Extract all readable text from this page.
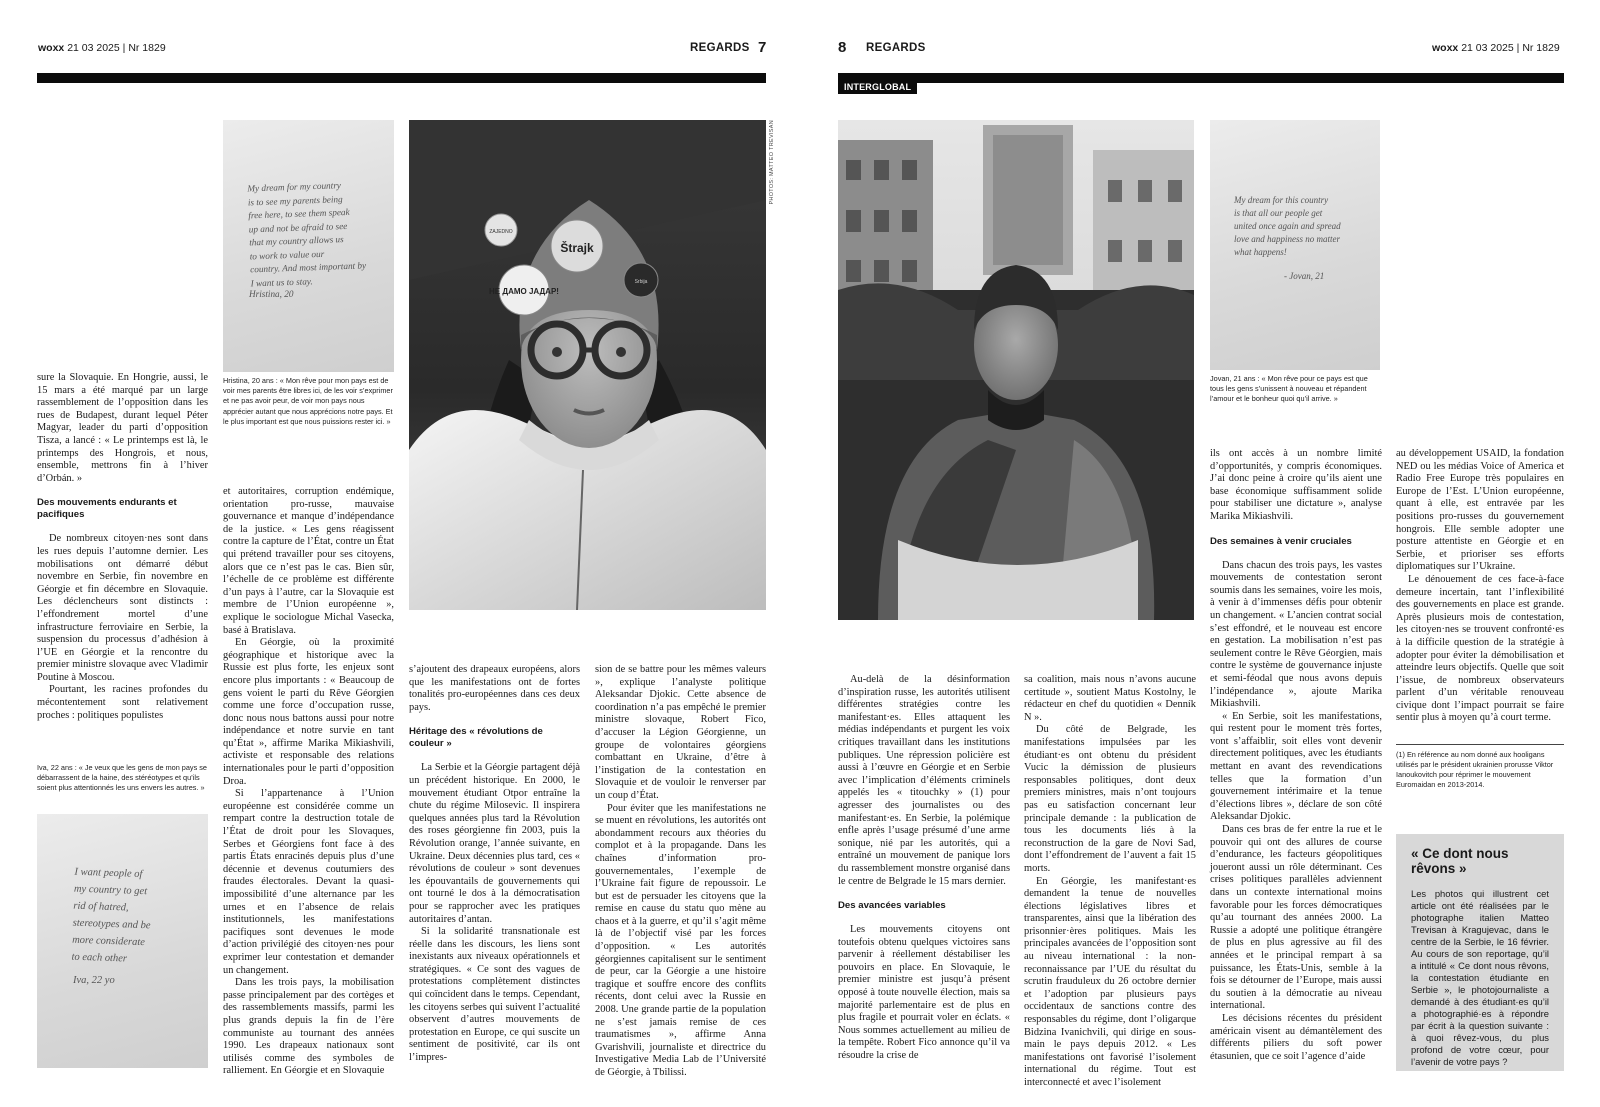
woxx 21 03 2025 | Nr 1829	REGARDS 7
My dream for my country
is to see my parents being
free here, to see them speak
up and not be afraid to see
that my country allows us
to work to value our
country. And most important by
I want us to stay.
Hristina, 20
Hristina, 20 ans : « Mon rêve pour mon pays est de voir mes parents être libres ici, de les voir s’exprimer et ne pas avoir peur, de voir mon pays nous apprécier autant que nous apprécions notre pays. Et le plus important est que nous puissions rester ici. »
Štrajk
НЕ ДАМО ЈАДАР!
ZAJEDNO
Srbija
PHOTOS: MATTEO TREVISAN

sure la Slovaquie. En Hongrie, aussi, le 15 mars a été marqué par un large rassemblement de l’opposition dans les rues de Budapest, durant lequel Péter Magyar, leader du parti d’opposition Tisza, a lancé : « Le printemps est là, le printemps des Hongrois, et nous, ensemble, mettrons fin à l’hiver d’Orbán. »

Des mouvements endurants et pacifiques

De nombreux citoyen·nes sont dans les rues depuis l’automne dernier. Les mobilisations ont démarré début novembre en Serbie, fin novembre en Géorgie et fin décembre en Slovaquie. Les déclencheurs sont distincts : l’effondrement mortel d’une infrastructure ferroviaire en Serbie, la suspension du processus d’adhésion à l’UE en Géorgie et la rencontre du premier ministre slovaque avec Vladimir Poutine à Moscou.

Pourtant, les racines profondes du mécontentement sont relativement proches : politiques populistes

Iva, 22 ans : « Je veux que les gens de mon pays se débarrassent de la haine, des stéréotypes et qu’ils soient plus attentionnés les uns envers les autres. »
I want people of
my country to get
rid of hatred,
stereotypes and be
more considerate
to each other
Iva, 22 yo

et autoritaires, corruption endémique, orientation pro-russe, mauvaise gouvernance et manque d’indépendance de la justice. « Les gens réagissent contre la capture de l’État, contre un État qui prétend travailler pour ses citoyens, alors que ce n’est pas le cas. Bien sûr, l’échelle de ce problème est différente d’un pays à l’autre, car la Slovaquie est membre de l’Union européenne », explique le sociologue Michal Vasecka, basé à Bratislava.

En Géorgie, où la proximité géographique et historique avec la Russie est plus forte, les enjeux sont encore plus importants : « Beaucoup de gens voient le parti du Rêve Géorgien comme une force d’occupation russe, donc nous nous battons aussi pour notre indépendance et notre survie en tant qu’État », affirme Marika Mikiashvili, activiste et responsable des relations internationales pour le parti d’opposition Droa.

Si l’appartenance à l’Union européenne est considérée comme un rempart contre la destruction totale de l’État de droit pour les Slovaques, Serbes et Géorgiens font face à des partis États enracinés depuis plus d’une décennie et devenus coutumiers des fraudes électorales. Devant la quasi-impossibilité d’une alternance par les urnes et en l’absence de relais institutionnels, les manifestations pacifiques sont devenues le mode d’action privilégié des citoyen·nes pour exprimer leur contestation et demander un changement.

Dans les trois pays, la mobilisation passe principalement par des cortèges et des rassemblements massifs, parmi les plus grands depuis la fin de l’ère communiste au tournant des années 1990. Les drapeaux nationaux sont utilisés comme des symboles de ralliement. En Géorgie et en Slovaquie

s’ajoutent des drapeaux européens, alors que les manifestations ont de fortes tonalités pro-européennes dans ces deux pays.

Héritage des « révolutions de couleur »

La Serbie et la Géorgie partagent déjà un précédent historique. En 2000, le mouvement étudiant Otpor entraîne la chute du régime Milosevic. Il inspirera quelques années plus tard la Révolution des roses géorgienne fin 2003, puis la Révolution orange, l’année suivante, en Ukraine. Deux décennies plus tard, ces « révolutions de couleur » sont devenues les épouvantails de gouvernements qui ont tourné le dos à la démocratisation pour se rapprocher avec les pratiques autoritaires d’antan.

Si la solidarité transnationale est réelle dans les discours, les liens sont inexistants aux niveaux opérationnels et stratégiques. « Ce sont des vagues de protestations complètement distinctes qui coïncident dans le temps. Cependant, les citoyens serbes qui suivent l’actualité observent d’autres mouvements de protestation en Europe, ce qui suscite un sentiment de positivité, car ils ont l’impres-

sion de se battre pour les mêmes valeurs », explique l’analyste politique Aleksandar Djokic. Cette absence de coordination n’a pas empêché le premier ministre slovaque, Robert Fico, d’accuser la Légion Géorgienne, un groupe de volontaires géorgiens combattant en Ukraine, d’être à l’instigation de la contestation en Slovaquie et de vouloir le renverser par un coup d’État.

Pour éviter que les manifestations ne se muent en révolutions, les autorités ont abondamment recours aux théories du complot et à la propagande. Dans les chaînes d’information pro-gouvernementales, l’exemple de l’Ukraine fait figure de repoussoir. Le but est de persuader les citoyens que la remise en cause du statu quo mène au chaos et à la guerre, et qu’il s’agit même là de l’objectif visé par les forces d’opposition. « Les autorités géorgiennes capitalisent sur le sentiment de peur, car la Géorgie a une histoire tragique et souffre encore des conflits récents, dont celui avec la Russie en 2008. Une grande partie de la population ne s’est jamais remise de ces traumatismes », affirme Anna Gvarishvili, journaliste et directrice du Investigative Media Lab de l’Université de Géorgie, à Tbilissi.

8 REGARDS	woxx 21 03 2025 | Nr 1829
INTERGLOBAL
My dream for this country
is that all our people get
united once again and spread
love and happiness no matter
what happens!
- Jovan, 21
Jovan, 21 ans : « Mon rêve pour ce pays est que tous les gens s’unissent à nouveau et répandent l’amour et le bonheur quoi qu’il arrive. »

Au-delà de la désinformation d’inspiration russe, les autorités utilisent différentes stratégies contre les manifestant·es. Elles attaquent les médias indépendants et purgent les voix critiques travaillant dans les institutions publiques. Une répression policière est aussi à l’œuvre en Géorgie et en Serbie avec l’implication d’éléments criminels appelés les « titouchky » (1) pour agresser des journalistes ou des manifestant·es. En Serbie, la polémique enfle après l’usage présumé d’une arme sonique, nié par les autorités, qui a entraîné un mouvement de panique lors du rassemblement monstre organisé dans le centre de Belgrade le 15 mars dernier.

Des avancées variables

Les mouvements citoyens ont toutefois obtenu quelques victoires sans parvenir à réellement déstabiliser les pouvoirs en place. En Slovaquie, le premier ministre est jusqu’à présent opposé à toute nouvelle élection, mais sa majorité parlementaire est de plus en plus fragile et pourrait voler en éclats. « Nous sommes actuellement au milieu de la tempête. Robert Fico annonce qu’il va résoudre la crise de

sa coalition, mais nous n’avons aucune certitude », soutient Matus Kostolny, le rédacteur en chef du quotidien « Denník N ».

Du côté de Belgrade, les manifestations impulsées par les étudiant·es ont obtenu du président Vucic la démission de plusieurs responsables politiques, dont deux premiers ministres, mais n’ont toujours pas eu satisfaction concernant leur principale demande : la publication de tous les documents liés à la reconstruction de la gare de Novi Sad, dont l’effondrement de l’auvent a fait 15 morts.

En Géorgie, les manifestant·es demandent la tenue de nouvelles élections législatives libres et transparentes, ainsi que la libération des prisonnier·ères politiques. Mais les principales avancées de l’opposition sont au niveau international : la non-reconnaissance par l’UE du résultat du scrutin frauduleux du 26 octobre dernier et l’adoption par plusieurs pays occidentaux de sanctions contre des responsables du régime, dont l’oligarque Bidzina Ivanichvili, qui dirige en sous-main le pays depuis 2012. « Les manifestations ont favorisé l’isolement international du régime. Tout est interconnecté et avec l’isolement

ils ont accès à un nombre limité d’opportunités, y compris économiques. J’ai donc peine à croire qu’ils aient une base économique suffisamment solide pour stabiliser une dictature », analyse Marika Mikiashvili.

Des semaines à venir cruciales

Dans chacun des trois pays, les vastes mouvements de contestation seront soumis dans les semaines, voire les mois, à venir à d’immenses défis pour obtenir un changement. « L’ancien contrat social s’est effondré, et le nouveau est encore en gestation. La mobilisation n’est pas seulement contre le Rêve Géorgien, mais contre le système de gouvernance injuste et semi-féodal que nous avons depuis l’indépendance », ajoute Marika Mikiashvili.

« En Serbie, soit les manifestations, qui restent pour le moment très fortes, vont s’affaiblir, soit elles vont devenir directement politiques, avec les étudiants mettant en avant des revendications telles que la formation d’un gouvernement intérimaire et la tenue d’élections libres », déclare de son côté Aleksandar Djokic.

Dans ces bras de fer entre la rue et le pouvoir qui ont des allures de course d’endurance, les facteurs géopolitiques joueront aussi un rôle déterminant. Ces crises politiques parallèles adviennent dans un contexte international moins favorable pour les forces démocratiques qu’au tournant des années 2000. La Russie a adopté une politique étrangère de plus en plus agressive au fil des années et le principal rempart à sa puissance, les États-Unis, semble à la fois se détourner de l’Europe, mais aussi du soutien à la démocratie au niveau international.

Les décisions récentes du président américain visent au démantèlement des différents piliers du soft power étasunien, que ce soit l’agence d’aide

au développement USAID, la fondation NED ou les médias Voice of America et Radio Free Europe très populaires en Europe de l’Est. L’Union européenne, quant à elle, est entravée par les positions pro-russes du gouvernement hongrois. Elle semble adopter une posture attentiste en Géorgie et en Serbie, et prioriser ses efforts diplomatiques sur l’Ukraine.

Le dénouement de ces face-à-face demeure incertain, tant l’inflexibilité des gouvernements en place est grande. Après plusieurs mois de contestation, les citoyen·nes se trouvent confronté·es à la difficile question de la stratégie à adopter pour éviter la démobilisation et atteindre leurs objectifs. Quelle que soit l’issue, de nombreux observateurs parlent d’un véritable renouveau civique dont l’impact pourrait se faire sentir plus à moyen qu’à court terme.

(1) En référence au nom donné aux hooligans utilisés par le président ukrainien prorusse Viktor Ianoukovitch pour réprimer le mouvement Euromaidan en 2013-2014.
« Ce dont nous rêvons »

Les photos qui illustrent cet article ont été réalisées par le photographe italien Matteo Trevisan à Kragujevac, dans le centre de la Serbie, le 16 février. Au cours de son reportage, qu’il a intitulé « Ce dont nous rêvons, la contestation étudiante en Serbie », le photojournaliste a demandé à des étudiant·es qu’il a photographié·es à répondre par écrit à la question suivante : à quoi rêvez-vous, du plus profond de votre cœur, pour l’avenir de votre pays ?
